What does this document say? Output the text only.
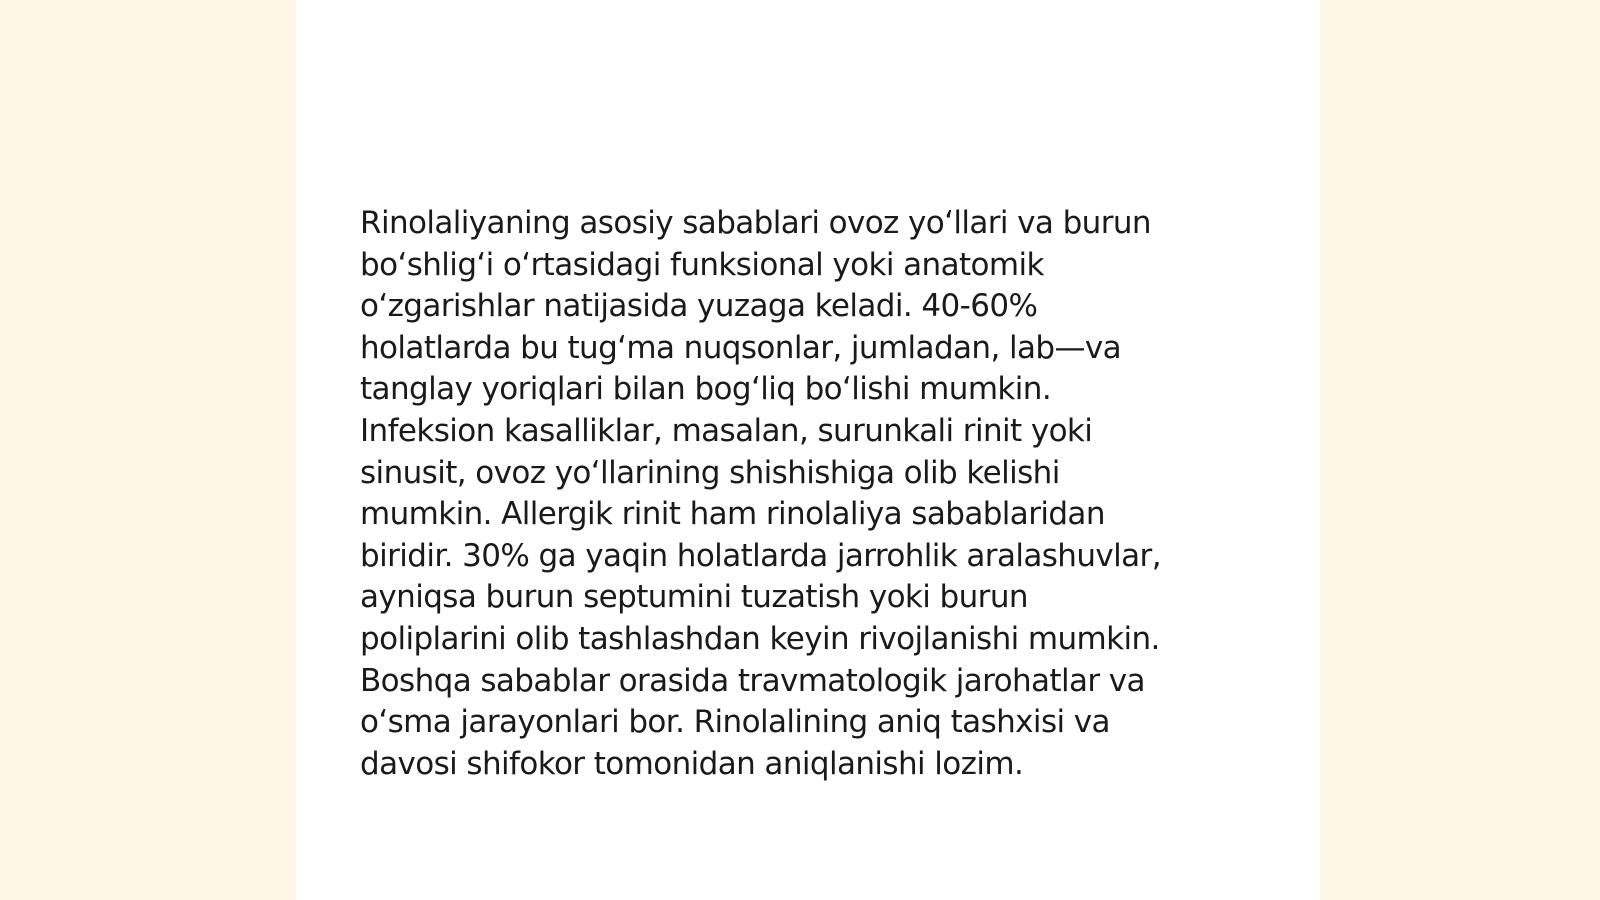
Rinolaliyaning asosiy sabablari ovoz yo‘llari va burun
bo‘shlig‘i o‘rtasidagi funksional yoki anatomik
o‘zgarishlar natijasida yuzaga keladi. 40-60%
holatlarda bu tug‘ma nuqsonlar, jumladan, lab—va
tanglay yoriqlari bilan bog‘liq bo‘lishi mumkin.
Infeksion kasalliklar, masalan, surunkali rinit yoki
sinusit, ovoz yo‘llarining shishishiga olib kelishi
mumkin. Allergik rinit ham rinolaliya sabablaridan
biridir. 30% ga yaqin holatlarda jarrohlik aralashuvlar,
ayniqsa burun septumini tuzatish yoki burun
poliplarini olib tashlashdan keyin rivojlanishi mumkin.
Boshqa sabablar orasida travmatologik jarohatlar va
o‘sma jarayonlari bor. Rinolalining aniq tashxisi va
davosi shifokor tomonidan aniqlanishi lozim.
